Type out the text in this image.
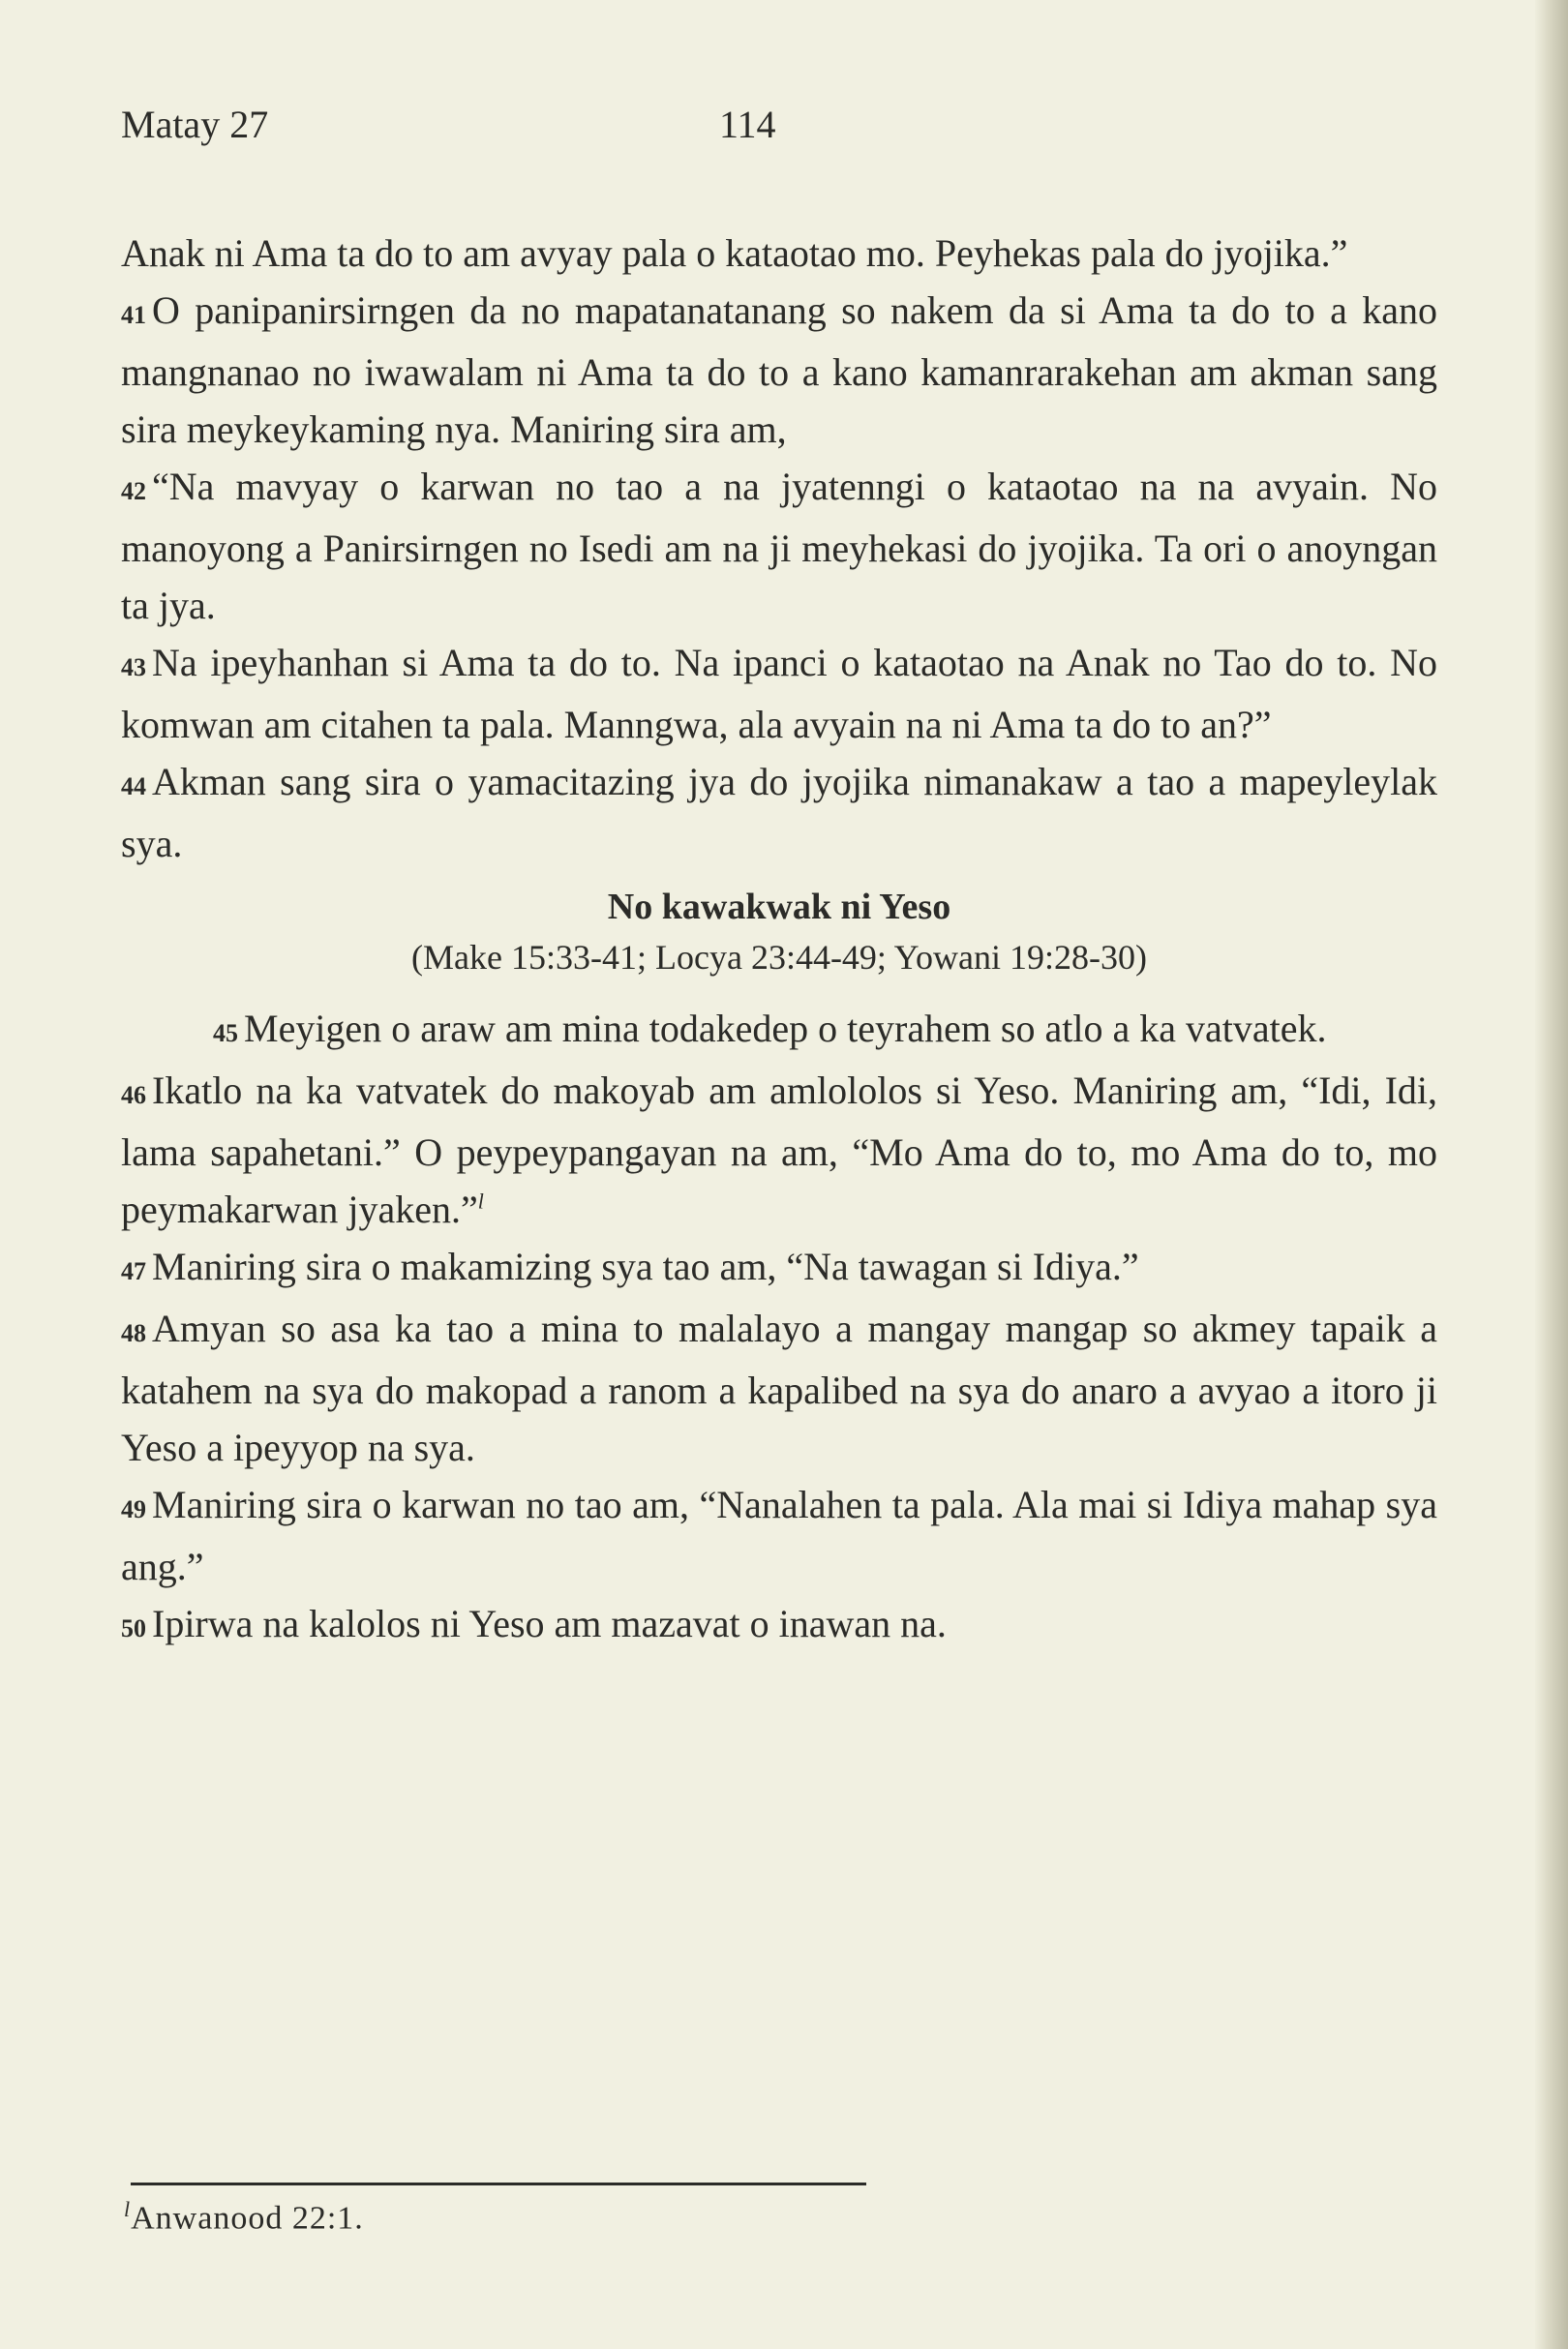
Matay 27	114

Anak ni Ama ta do to am avyay pala o kataotao mo. Peyhekas pala do jyojika.”

41 O panipanirsirngen da no mapatanatanang so nakem da si Ama ta do to a kano mangnanao no iwawalam ni Ama ta do to a kano kamanrarakehan am akman sang sira meykeykaming nya. Maniring sira am,

42 “Na mavyay o karwan no tao a na jyatenngi o kataotao na na avyain. No manoyong a Panirsirngen no Isedi am na ji meyhekasi do jyojika. Ta ori o anoyngan ta jya.

43 Na ipeyhanhan si Ama ta do to. Na ipanci o kataotao na Anak no Tao do to. No komwan am citahen ta pala. Manngwa, ala avyain na ni Ama ta do to an?”

44 Akman sang sira o yamacitazing jya do jyojika nimanakaw a tao a mapeyleylak sya.

No kawakwak ni Yeso

(Make 15:33-41; Locya 23:44-49; Yowani 19:28-30)

45 Meyigen o araw am mina todakedep o teyrahem so atlo a ka vatvatek.

46 Ikatlo na ka vatvatek do makoyab am amlololos si Yeso. Maniring am, “Idi, Idi, lama sapahetani.” O peypeypangayan na am, “Mo Ama do to, mo Ama do to, mo peymakarwan jyaken.”$^l$

47 Maniring sira o makamizing sya tao am, “Na tawagan si Idiya.”

48 Amyan so asa ka tao a mina to malalayo a mangay mangap so akmey tapaik a katahem na sya do makopad a ranom a kapalibed na sya do anaro a avyao a itoro ji Yeso a ipeyyop na sya.

49 Maniring sira o karwan no tao am, “Nanalahen ta pala. Ala mai si Idiya mahap sya ang.”

50 Ipirwa na kalolos ni Yeso am mazavat o inawan na.

$^l$Anwanood 22:1.
